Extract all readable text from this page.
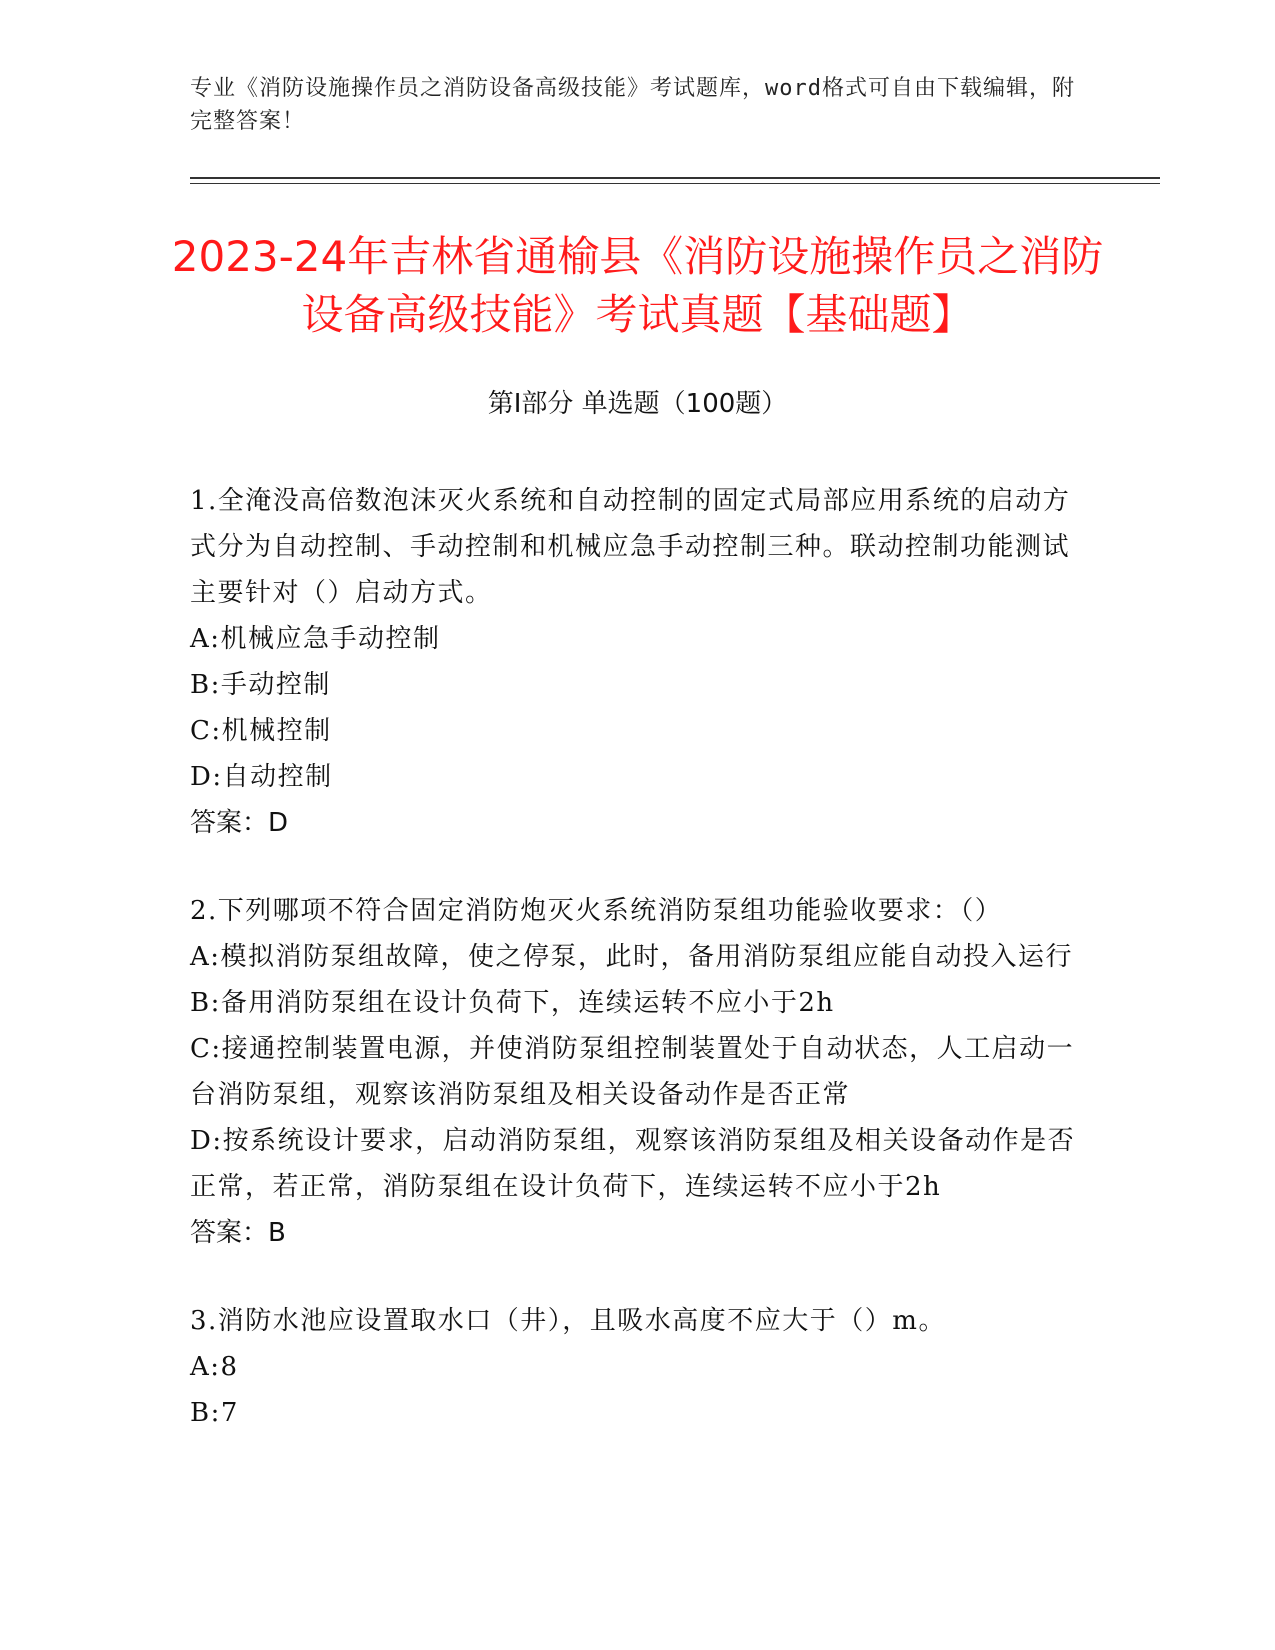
专业《消防设施操作员之消防设备高级技能》考试题库，word格式可自由下载编辑，附完整答案！
2023-24年吉林省通榆县《消防设施操作员之消防设备高级技能》考试真题【基础题】
第Ⅰ部分 单选题（100题）
1.全淹没高倍数泡沫灭火系统和自动控制的固定式局部应用系统的启动方式分为自动控制、手动控制和机械应急手动控制三种。联动控制功能测试主要针对（）启动方式。
A:机械应急手动控制
B:手动控制
C:机械控制
D:自动控制
答案：D
2.下列哪项不符合固定消防炮灭火系统消防泵组功能验收要求：（）
A:模拟消防泵组故障，使之停泵，此时，备用消防泵组应能自动投入运行
B:备用消防泵组在设计负荷下，连续运转不应小于2h
C:接通控制装置电源，并使消防泵组控制装置处于自动状态，人工启动一台消防泵组，观察该消防泵组及相关设备动作是否正常
D:按系统设计要求，启动消防泵组，观察该消防泵组及相关设备动作是否正常，若正常，消防泵组在设计负荷下，连续运转不应小于2h
答案：B
3.消防水池应设置取水口（井），且吸水高度不应大于（）m。
A:8
B:7
